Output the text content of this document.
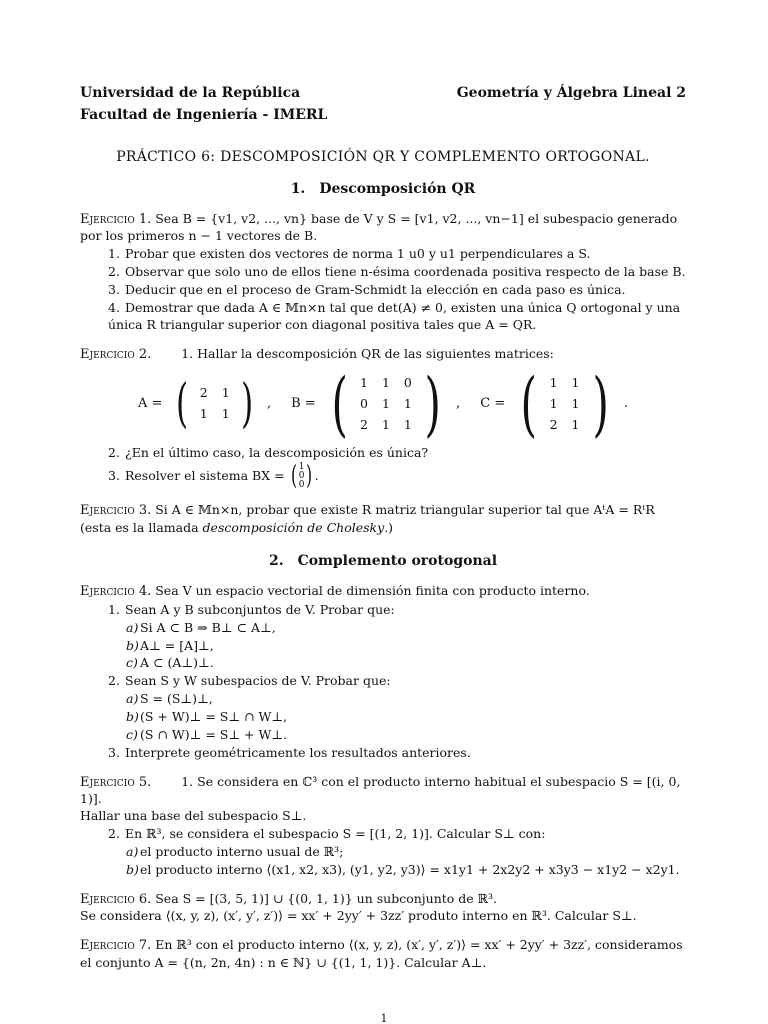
Universidad de la República
Facultad de Ingeniería - IMERL
Geometría y Álgebra Lineal 2
PRÁCTICO 6: DESCOMPOSICIÓN QR Y COMPLEMENTO ORTOGONAL.
1. Descomposición QR

Ejercicio 1. Sea B = {v1, v2, ..., vn} base de V y S = [v1, v2, ..., vn−1] el subespacio generado por los primeros n − 1 vectores de B.

1. Probar que existen dos vectores de norma 1 u0 y u1 perpendiculares a S.
2. Observar que solo uno de ellos tiene n-ésima coordenada positiva respecto de la base B.
3. Deducir que en el proceso de Gram-Schmidt la elección en cada paso es única.
4. Demostrar que dada A ∈ 𝕄n×n tal que det(A) ≠ 0, existen una única Q ortogonal y una única R triangular superior con diagonal positiva tales que A = QR.

Ejercicio 2. 1. Hallar la descomposición QR de las siguientes matrices:

A = ( 2	1
1	1 ) , B = ( 1	1	0
0	1	1
2	1	1 ) , C = ( 1	1
1	1
2	1 ) .
2. ¿En el último caso, la descomposición es única?
3. Resolver el sistema BX = ( 1
0
0 ) .

Ejercicio 3. Si A ∈ 𝕄n×n, probar que existe R matriz triangular superior tal que AᵗA = RᵗR (esta es la llamada descomposición de Cholesky.)

2. Complemento orotogonal

Ejercicio 4. Sea V un espacio vectorial de dimensión finita con producto interno.

1. Sean A y B subconjuntos de V. Probar que:
a) Si A ⊂ B ⇒ B⊥ ⊂ A⊥,
b)A⊥ = [A]⊥,
c) A ⊂ (A⊥)⊥.
2. Sean S y W subespacios de V. Probar que:
a) S = (S⊥)⊥,
b)(S + W)⊥ = S⊥ ∩ W⊥,
c) (S ∩ W)⊥ = S⊥ + W⊥.
3. Interprete geométricamente los resultados anteriores.

Ejercicio 5. 1. Se considera en ℂ³ con el producto interno habitual el subespacio S = [(i, 0, 1)].

Hallar una base del subespacio S⊥.

2. En ℝ³, se considera el subespacio S = [(1, 2, 1)]. Calcular S⊥ con:
a) el producto interno usual de ℝ³;
b)el producto interno ⟨(x1, x2, x3), (y1, y2, y3)⟩ = x1y1 + 2x2y2 + x3y3 − x1y2 − x2y1.

Ejercicio 6. Sea S = [(3, 5, 1)] ∪ {(0, 1, 1)} un subconjunto de ℝ³.

Se considera ⟨(x, y, z), (x′, y′, z′)⟩ = xx′ + 2yy′ + 3zz′ produto interno en ℝ³. Calcular S⊥.

Ejercicio 7. En ℝ³ con el producto interno ⟨(x, y, z), (x′, y′, z′)⟩ = xx′ + 2yy′ + 3zz′, consideramos el conjunto A = {(n, 2n, 4n) : n ∈ ℕ} ∪ {(1, 1, 1)}. Calcular A⊥.

1
